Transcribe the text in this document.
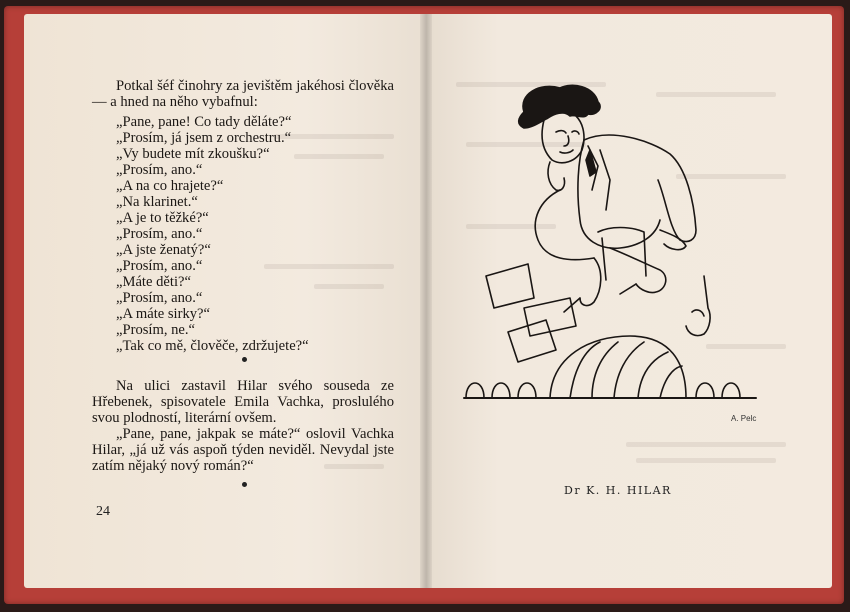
Potkal šéf činohry za jevištěm jakéhosi člověka — a hned na něho vybafnul:
„Pane, pane! Co tady děláte?“
„Prosím, já jsem z orchestru.“
„Vy budete mít zkoušku?“
„Prosím, ano.“
„A na co hrajete?“
„Na klarinet.“
„A je to těžké?“
„Prosím, ano.“
„A jste ženatý?“
„Prosím, ano.“
„Máte děti?“
„Prosím, ano.“
„A máte sirky?“
„Prosím, ne.“
„Tak co mě, člověče, zdržujete?“
Na ulici zastavil Hilar svého souseda ze Hřebenek, spisovatele Emila Vachka, proslulého svou plodností, literární ovšem.
„Pane, pane, jakpak se máte?“ oslovil Vachka Hilar, „já už vás aspoň týden neviděl. Nevydal jste zatím nějaký nový román?“
24
A. Pelc
Dr K. H. HILAR
